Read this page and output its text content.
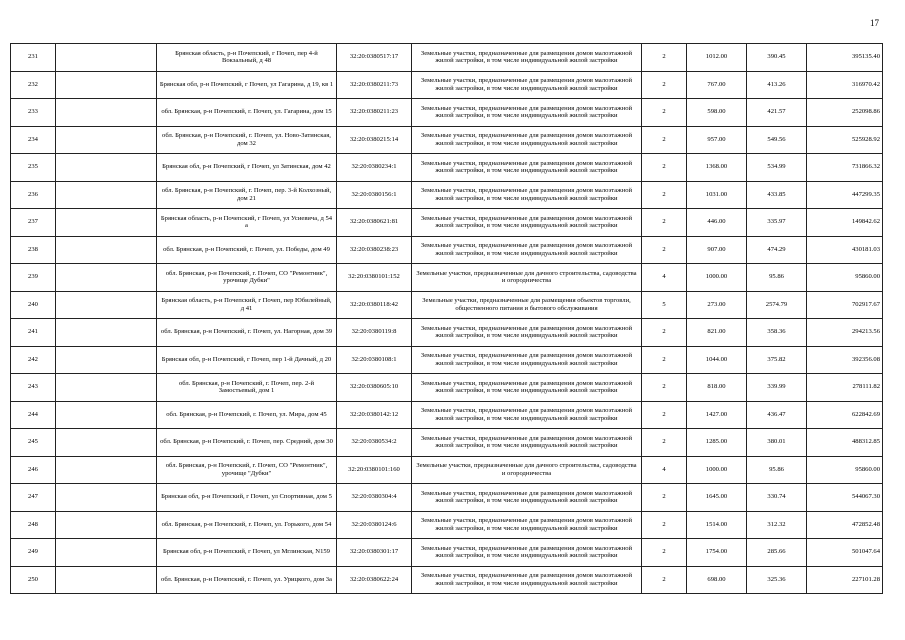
17
231		Брянская область, р-н Почепский, г Почеп, пер 4-й Вокзальный, д 48	32:20:0380517:17	Земельные участки, предназначенные для размещения домов малоэтажной жилой застройки, в том числе индивидуальной жилой застройки	2	1012.00	390.45	395135.40
232		Брянская обл, р-н Почепский, г Почеп, ул Гагарина, д 19, кв 1	32:20:0380211:73	Земельные участки, предназначенные для размещения домов малоэтажной жилой застройки, в том числе индивидуальной жилой застройки	2	767.00	413.26	316970.42
233		обл. Брянская, р-н Почепский, г. Почеп, ул. Гагарина, дом 15	32:20:0380211:23	Земельные участки, предназначенные для размещения домов малоэтажной жилой застройки, в том числе индивидуальной жилой застройки	2	598.00	421.57	252098.86
234		обл. Брянская, р-н Почепский, г. Почеп, ул. Ново-Затинская, дом 32	32:20:0380215:14	Земельные участки, предназначенные для размещения домов малоэтажной жилой застройки, в том числе индивидуальной жилой застройки	2	957.00	549.56	525928.92
235		Брянская обл, р-н Почепский, г Почеп, ул Затинская, дом 42	32:20:0380234:1	Земельные участки, предназначенные для размещения домов малоэтажной жилой застройки, в том числе индивидуальной жилой застройки	2	1368.00	534.99	731866.32
236		обл. Брянская, р-н Почепский, г. Почеп, пер. 3-й Колхозный, дом 21	32:20:0380156:1	Земельные участки, предназначенные для размещения домов малоэтажной жилой застройки, в том числе индивидуальной жилой застройки	2	1031.00	433.85	447299.35
237		Брянская область, р-н Почепский, г Почеп, ул Усиевича, д 54 а	32:20:0380621:81	Земельные участки, предназначенные для размещения домов малоэтажной жилой застройки, в том числе индивидуальной жилой застройки	2	446.00	335.97	149842.62
238		обл. Брянская, р-н Почепский, г. Почеп, ул. Победы, дом 49	32:20:0380238:23	Земельные участки, предназначенные для размещения домов малоэтажной жилой застройки, в том числе индивидуальной жилой застройки	2	907.00	474.29	430181.03
239		обл. Брянская, р-н Почепский, г. Почеп, СО "Ремонтник", урочище Дубки"	32:20:0380101:152	Земельные участки, предназначенные для дачного строительства, садоводства и огородничества	4	1000.00	95.86	95860.00
240		Брянская область, р-н Почепский, г Почеп, пер Юбилейный, д 41	32:20:0380118:42	Земельные участки, предназначенные для размещения объектов торговли, общественного питания и бытового обслуживания	5	273.00	2574.79	702917.67
241		обл. Брянская, р-н Почепский, г. Почеп, ул. Нагорная, дом 39	32:20:0380119:8	Земельные участки, предназначенные для размещения домов малоэтажной жилой застройки, в том числе индивидуальной жилой застройки	2	821.00	358.36	294213.56
242		Брянская обл, р-н Почепский, г Почеп, пер 1-й Дачный, д 20	32:20:0380108:1	Земельные участки, предназначенные для размещения домов малоэтажной жилой застройки, в том числе индивидуальной жилой застройки	2	1044.00	375.82	392356.08
243		обл. Брянская, р-н Почепский, г. Почеп, пер. 2-й Замостьевый, дом 1	32:20:0380605:10	Земельные участки, предназначенные для размещения домов малоэтажной жилой застройки, в том числе индивидуальной жилой застройки	2	818.00	339.99	278111.82
244		обл. Брянская, р-н Почепский, г. Почеп, ул. Мира, дом 45	32:20:0380142:12	Земельные участки, предназначенные для размещения домов малоэтажной жилой застройки, в том числе индивидуальной жилой застройки	2	1427.00	436.47	622842.69
245		обл. Брянская, р-н Почепский, г. Почеп, пер. Средний, дом 30	32:20:0380534:2	Земельные участки, предназначенные для размещения домов малоэтажной жилой застройки, в том числе индивидуальной жилой застройки	2	1285.00	380.01	488312.85
246		обл. Брянская, р-н Почепский, г. Почеп, СО "Ремонтник", урочище "Дубки"	32:20:0380101:160	Земельные участки, предназначенные для дачного строительства, садоводства и огородничества	4	1000.00	95.86	95860.00
247		Брянская обл, р-н Почепский, г Почеп, ул Спортивная, дом 5	32:20:0380304:4	Земельные участки, предназначенные для размещения домов малоэтажной жилой застройки, в том числе индивидуальной жилой застройки	2	1645.00	330.74	544067.30
248		обл. Брянская, р-н Почепский, г. Почеп, ул. Горького, дом 54	32:20:0380124:6	Земельные участки, предназначенные для размещения домов малоэтажной жилой застройки, в том числе индивидуальной жилой застройки	2	1514.00	312.32	472852.48
249		Брянская обл, р-н Почепский, г Почеп, ул Мглинская, N159	32:20:0380301:17	Земельные участки, предназначенные для размещения домов малоэтажной жилой застройки, в том числе индивидуальной жилой застройки	2	1754.00	285.66	501047.64
250		обл. Брянская, р-н Почепский, г. Почеп, ул. Урицкого, дом 3а	32:20:0380622:24	Земельные участки, предназначенные для размещения домов малоэтажной жилой застройки, в том числе индивидуальной жилой застройки	2	698.00	325.36	227101.28
